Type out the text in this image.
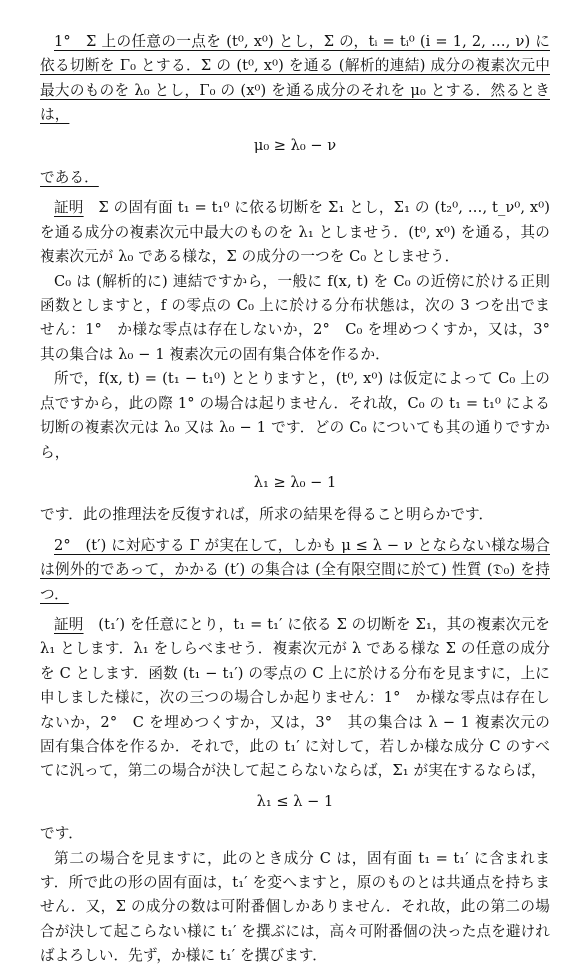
1°　Σ 上の任意の一点を (t⁰, x⁰) とし，Σ の，tᵢ = tᵢ⁰ (i = 1, 2, …, ν) に依る切断を Γ₀ とする．Σ の (t⁰, x⁰) を通る (解析的連結) 成分の複素次元中最大のものを λ₀ とし，Γ₀ の (x⁰) を通る成分のそれを μ₀ とする．然るときは，
μ₀ ≥ λ₀ − ν
である．
証明　Σ の固有面 t₁ = t₁⁰ に依る切断を Σ₁ とし，Σ₁ の (t₂⁰, …, t_ν⁰, x⁰) を通る成分の複素次元中最大のものを λ₁ としませう．(t⁰, x⁰) を通る，其の複素次元が λ₀ である様な，Σ の成分の一つを C₀ としませう．
C₀ は (解析的に) 連結ですから，一般に f(x, t) を C₀ の近傍に於ける正則函数としますと，f の零点の C₀ 上に於ける分布状態は，次の 3 つを出でません：1°　か様な零点は存在しないか，2°　C₀ を埋めつくすか，又は，3°　其の集合は λ₀ − 1 複素次元の固有集合体を作るか．
所で，f(x, t) = (t₁ − t₁⁰) ととりますと，(t⁰, x⁰) は仮定によって C₀ 上の点ですから，此の際 1° の場合は起りません．それ故，C₀ の t₁ = t₁⁰ による切断の複素次元は λ₀ 又は λ₀ − 1 です．どの C₀ についても其の通りですから，
λ₁ ≥ λ₀ − 1
です．此の推理法を反復すれば，所求の結果を得ること明らかです．
2°　(t′) に対応する Γ が実在して，しかも μ ≤ λ − ν とならない様な場合は例外的であって，かかる (t′) の集合は (全有限空間に於て) 性質 (𝔇₀) を持つ．
証明　(t₁′) を任意にとり，t₁ = t₁′ に依る Σ の切断を Σ₁，其の複素次元を λ₁ とします．λ₁ をしらべませう．複素次元が λ である様な Σ の任意の成分を C とします．函数 (t₁ − t₁′) の零点の C 上に於ける分布を見ますに，上に申しました様に，次の三つの場合しか起りません：1°　か様な零点は存在しないか，2°　C を埋めつくすか，又は，3°　其の集合は λ − 1 複素次元の固有集合体を作るか．それで，此の t₁′ に対して，若しか様な成分 C のすべてに汎って，第二の場合が決して起こらないならば，Σ₁ が実在するならば，
λ₁ ≤ λ − 1
です．
第二の場合を見ますに，此のとき成分 C は，固有面 t₁ = t₁′ に含まれます．所で此の形の固有面は，t₁′ を変へますと，原のものとは共通点を持ちません．又，Σ の成分の数は可附番個しかありません．それ故，此の第二の場合が決して起こらない様に t₁′ を撰ぶには，高々可附番個の決った点を避ければよろしい．先ず，か様に t₁′ を撰びます．
